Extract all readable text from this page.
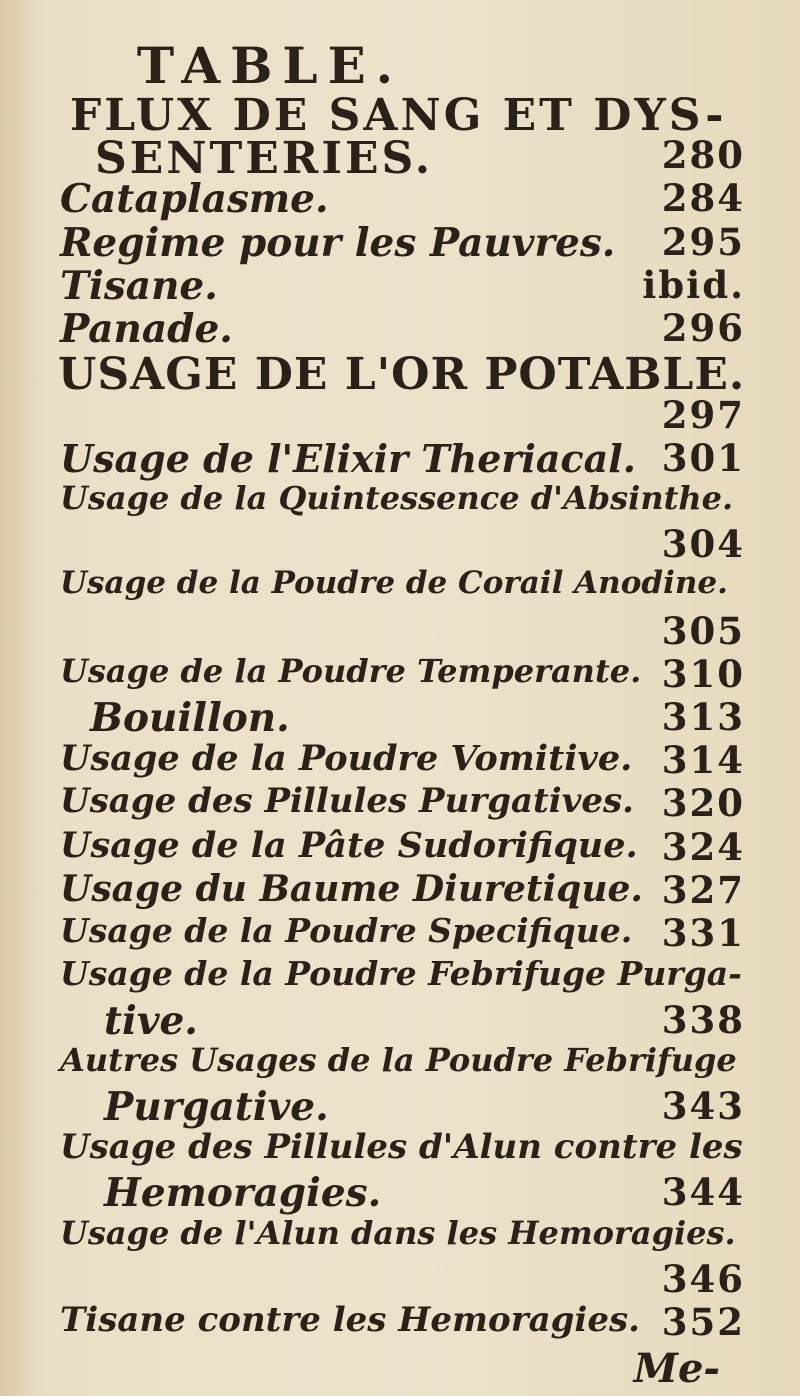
TABLE.
FLUX DE SANG ET DYS-
SENTERIES.	280
Cataplasme.	284
Regime pour les Pauvres. 295
Tisane.	ibid.
Panade.	296
USAGE DE L'OR POTABLE.
297
Usage de l'Elixir Theriacal. 301
Usage de la Quintessence d'Absinthe.
304
Usage de la Poudre de Corail Anodine.
305
Usage de la Poudre Temperante. 310
Bouillon.	313
Usage de la Poudre Vomitive. 314
Usage des Pillules Purgatives. 320
Usage de la Pâte Sudorifique. 324
Usage du Baume Diuretique. 327
Usage de la Poudre Specifique. 331
Usage de la Poudre Febrifuge Purga-
tive.	338
Autres Usages de la Poudre Febrifuge
Purgative.	343
Usage des Pillules d'Alun contre les
Hemoragies.	344
Usage de l'Alun dans les Hemoragies.
346
Tisane contre les Hemoragies. 352
Me-
